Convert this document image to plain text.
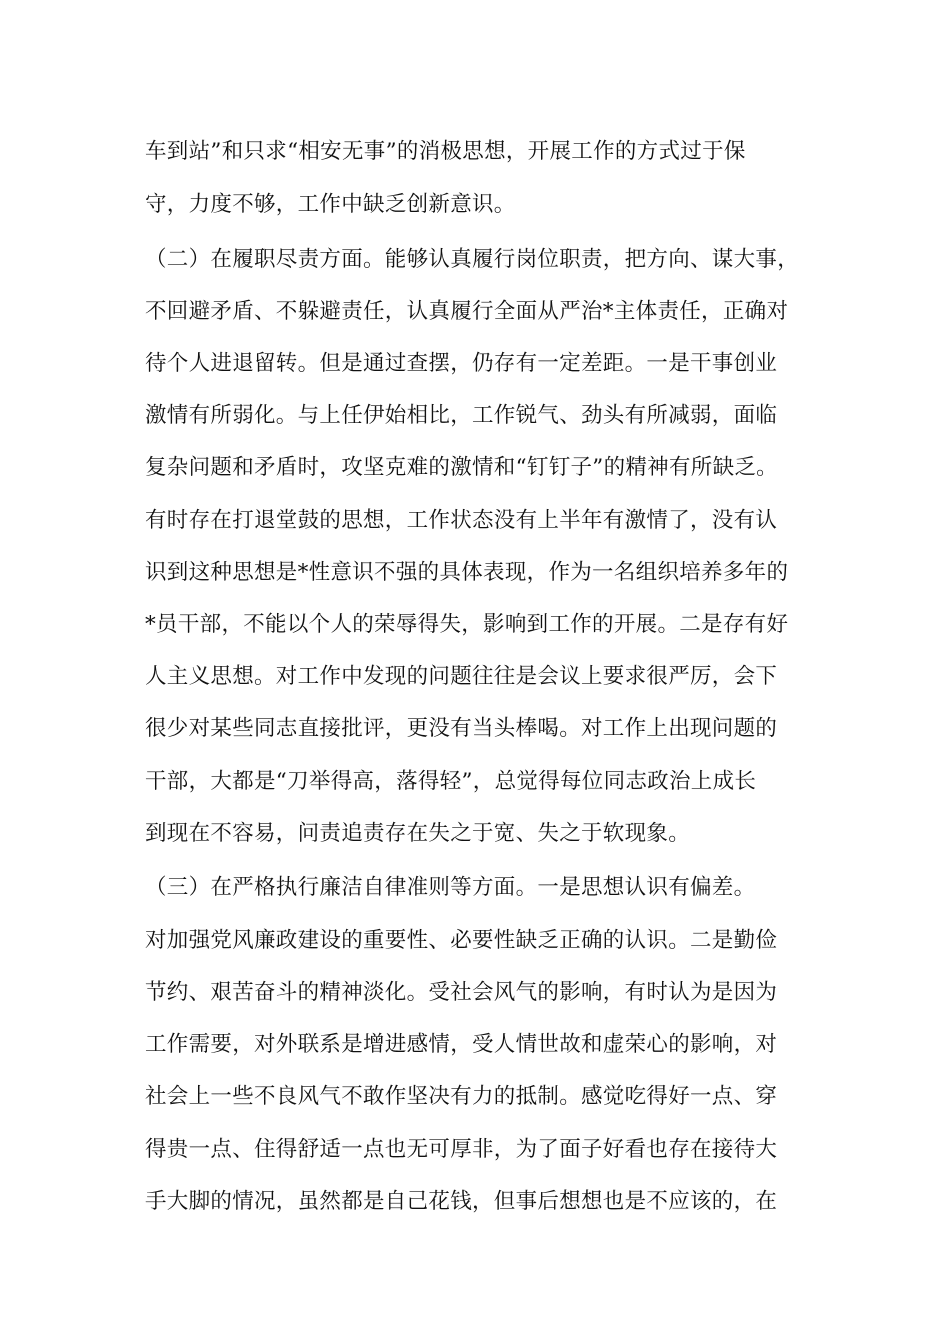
车到站”和只求“相安无事”的消极思想，开展工作的方式过于保
守，力度不够，工作中缺乏创新意识。
（二）在履职尽责方面。能够认真履行岗位职责，把方向、谋大事，
不回避矛盾、不躲避责任，认真履行全面从严治*主体责任，正确对
待个人进退留转。但是通过查摆，仍存有一定差距。一是干事创业
激情有所弱化。与上任伊始相比，工作锐气、劲头有所减弱，面临
复杂问题和矛盾时，攻坚克难的激情和“钉钉子”的精神有所缺乏。
有时存在打退堂鼓的思想，工作状态没有上半年有激情了，没有认
识到这种思想是*性意识不强的具体表现，作为一名组织培养多年的
*员干部，不能以个人的荣辱得失，影响到工作的开展。二是存有好
人主义思想。对工作中发现的问题往往是会议上要求很严厉，会下
很少对某些同志直接批评，更没有当头棒喝。对工作上出现问题的
干部，大都是“刀举得高，落得轻”，总觉得每位同志政治上成长
到现在不容易，问责追责存在失之于宽、失之于软现象。
（三）在严格执行廉洁自律准则等方面。一是思想认识有偏差。
对加强党风廉政建设的重要性、必要性缺乏正确的认识。二是勤俭
节约、艰苦奋斗的精神淡化。受社会风气的影响，有时认为是因为
工作需要，对外联系是增进感情，受人情世故和虚荣心的影响，对
社会上一些不良风气不敢作坚决有力的抵制。感觉吃得好一点、穿
得贵一点、住得舒适一点也无可厚非，为了面子好看也存在接待大
手大脚的情况，虽然都是自己花钱，但事后想想也是不应该的，在
